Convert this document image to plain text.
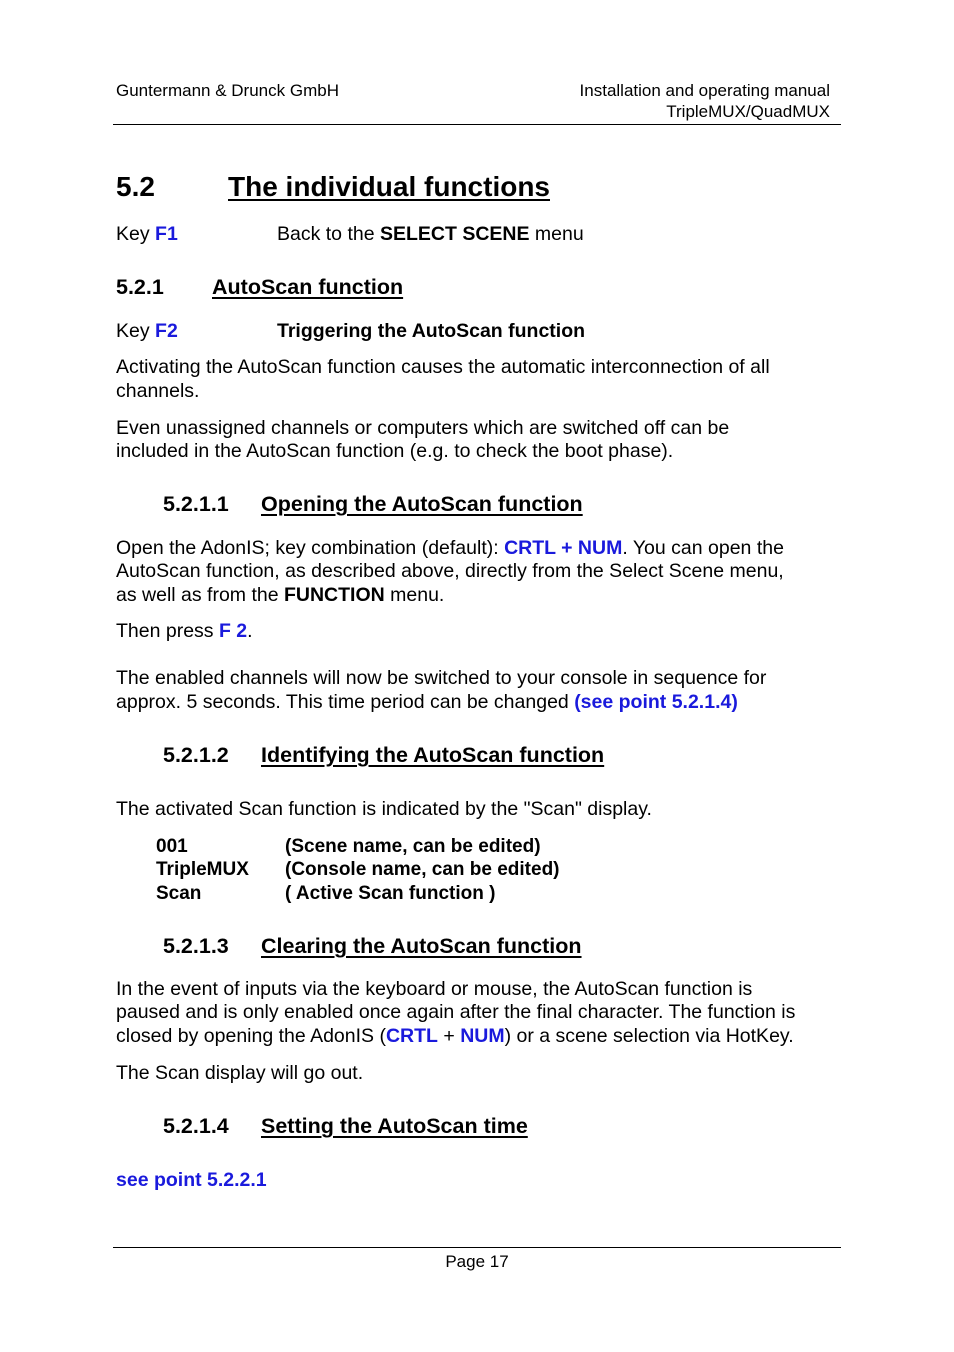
Guntermann & Drunck GmbH	Installation and operating manual
TripleMUX/QuadMUX
5.2	The individual functions
Key F1	Back to the SELECT SCENE menu
5.2.1 AutoScan function
Key F2	Triggering the AutoScan function
Activating the AutoScan function causes the automatic interconnection of all
channels.
Even unassigned channels or computers which are switched off can be
included in the AutoScan function (e.g. to check the boot phase).
5.2.1.1 Opening the AutoScan function
Open the AdonIS; key combination (default): CRTL + NUM. You can open the
AutoScan function, as described above, directly from the Select Scene menu,
as well as from the FUNCTION menu.
Then press F 2.
The enabled channels will now be switched to your console in sequence for
approx. 5 seconds. This time period can be changed (see point 5.2.1.4)
5.2.1.2 Identifying the AutoScan function
The activated Scan function is indicated by the "Scan" display.
001	(Scene name, can be edited)
TripleMUX (Console name, can be edited)
Scan	( Active Scan function )
5.2.1.3 Clearing the AutoScan function
In the event of inputs via the keyboard or mouse, the AutoScan function is
paused and is only enabled once again after the final character. The function is
closed by opening the AdonIS (CRTL + NUM) or a scene selection via HotKey.
The Scan display will go out.
5.2.1.4 Setting the AutoScan time
see point 5.2.2.1
Page 17
